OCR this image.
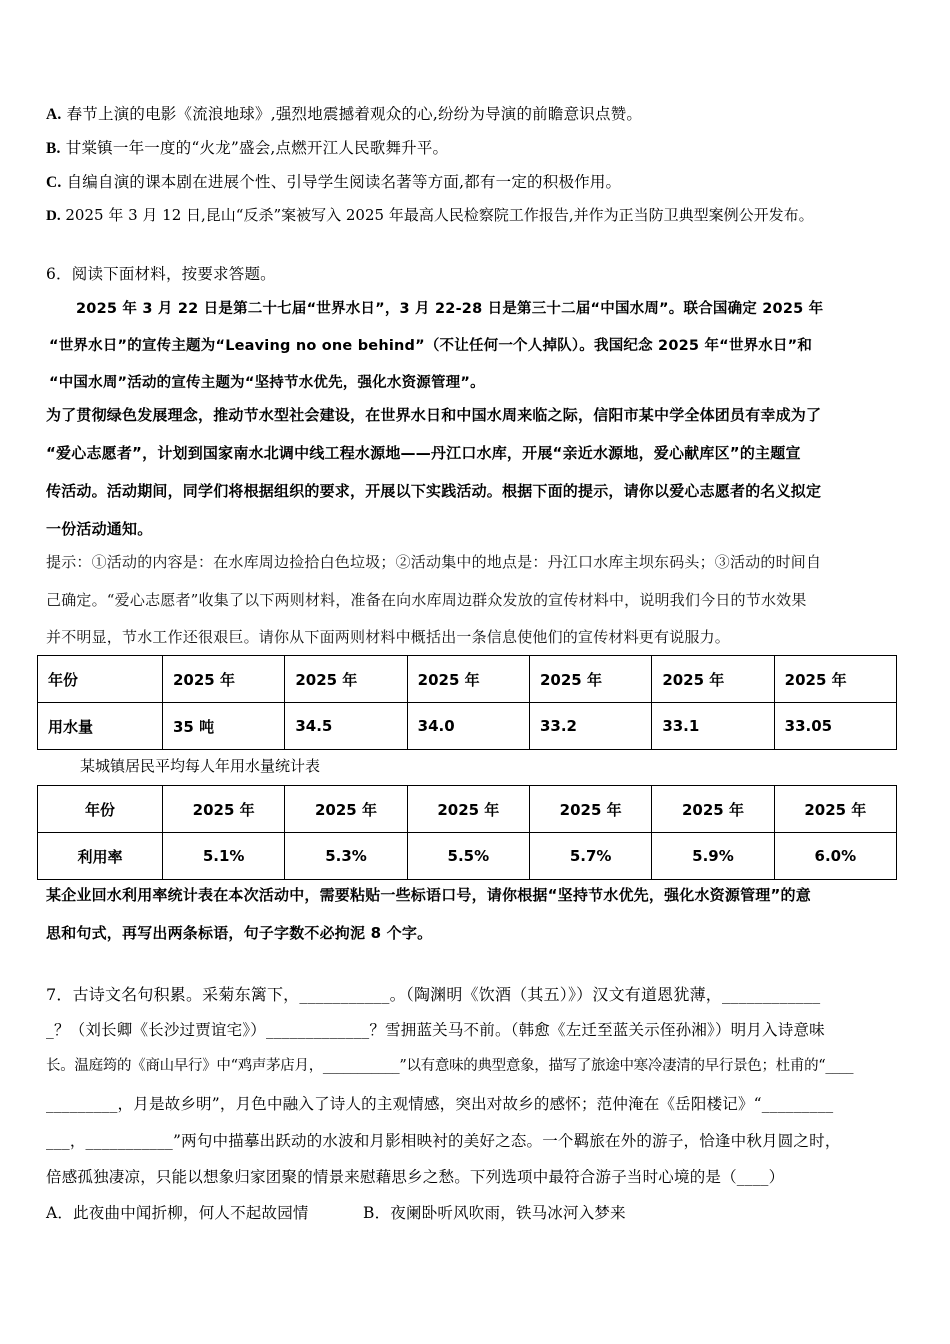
A. 春节上演的电影《流浪地球》,强烈地震撼着观众的心,纷纷为导演的前瞻意识点赞。
B. 甘棠镇一年一度的“火龙”盛会,点燃开江人民歌舞升平。
C. 自编自演的课本剧在进展个性、引导学生阅读名著等方面,都有一定的积极作用。
D. 2025 年 3 月 12 日,昆山“反杀”案被写入 2025 年最高人民检察院工作报告,并作为正当防卫典型案例公开发布。
6．阅读下面材料，按要求答题。
2025 年 3 月 22 日是第二十七届“世界水日”，3 月 22-28 日是第三十二届“中国水周”。联合国确定 2025 年
“世界水日”的宣传主题为“Leaving no one behind”（不让任何一个人掉队）。我国纪念 2025 年“世界水日”和
“中国水周”活动的宣传主题为“坚持节水优先，强化水资源管理”。
为了贯彻绿色发展理念，推动节水型社会建设，在世界水日和中国水周来临之际，信阳市某中学全体团员有幸成为了
“爱心志愿者”，计划到国家南水北调中线工程水源地——丹江口水库，开展“亲近水源地，爱心献库区”的主题宣
传活动。活动期间，同学们将根据组织的要求，开展以下实践活动。根据下面的提示，请你以爱心志愿者的名义拟定
一份活动通知。
提示：①活动的内容是：在水库周边捡拾白色垃圾；②活动集中的地点是：丹江口水库主坝东码头；③活动的时间自
己确定。“爱心志愿者”收集了以下两则材料，准备在向水库周边群众发放的宣传材料中，说明我们今日的节水效果
并不明显，节水工作还很艰巨。请你从下面两则材料中概括出一条信息使他们的宣传材料更有说服力。
年份	2025 年	2025 年	2025 年	2025 年	2025 年	2025 年
用水量	35 吨	34.5	34.0	33.2	33.1	33.05
某城镇居民平均每人年用水量统计表
年份	2025 年	2025 年	2025 年	2025 年	2025 年	2025 年
利用率	5.1%	5.3%	5.5%	5.7%	5.9%	6.0%
某企业回水利用率统计表在本次活动中，需要粘贴一些标语口号，请你根据“坚持节水优先，强化水资源管理”的意
思和句式，再写出两条标语，句子字数不必拘泥 8 个字。
7．古诗文名句积累。采菊东篱下，___________。（陶渊明《饮酒（其五）》）汉文有道恩犹薄，____________
_？（刘长卿《长沙过贾谊宅》）_____________？雪拥蓝关马不前。（韩愈《左迁至蓝关示侄孙湘》）明月入诗意味
长。温庭筠的《商山早行》中“鸡声茅店月，___________”以有意味的典型意象，描写了旅途中寒冷凄清的早行景色；杜甫的“____
_________，月是故乡明”，月色中融入了诗人的主观情感，突出对故乡的感怀；范仲淹在《岳阳楼记》“_________
___，___________”两句中描摹出跃动的水波和月影相映衬的美好之态。一个羁旅在外的游子，恰逢中秋月圆之时，
倍感孤独凄凉，只能以想象归家团聚的情景来慰藉思乡之愁。下列选项中最符合游子当时心境的是（____）
A．此夜曲中闻折柳，何人不起故园情	B．夜阑卧听风吹雨，铁马冰河入梦来
